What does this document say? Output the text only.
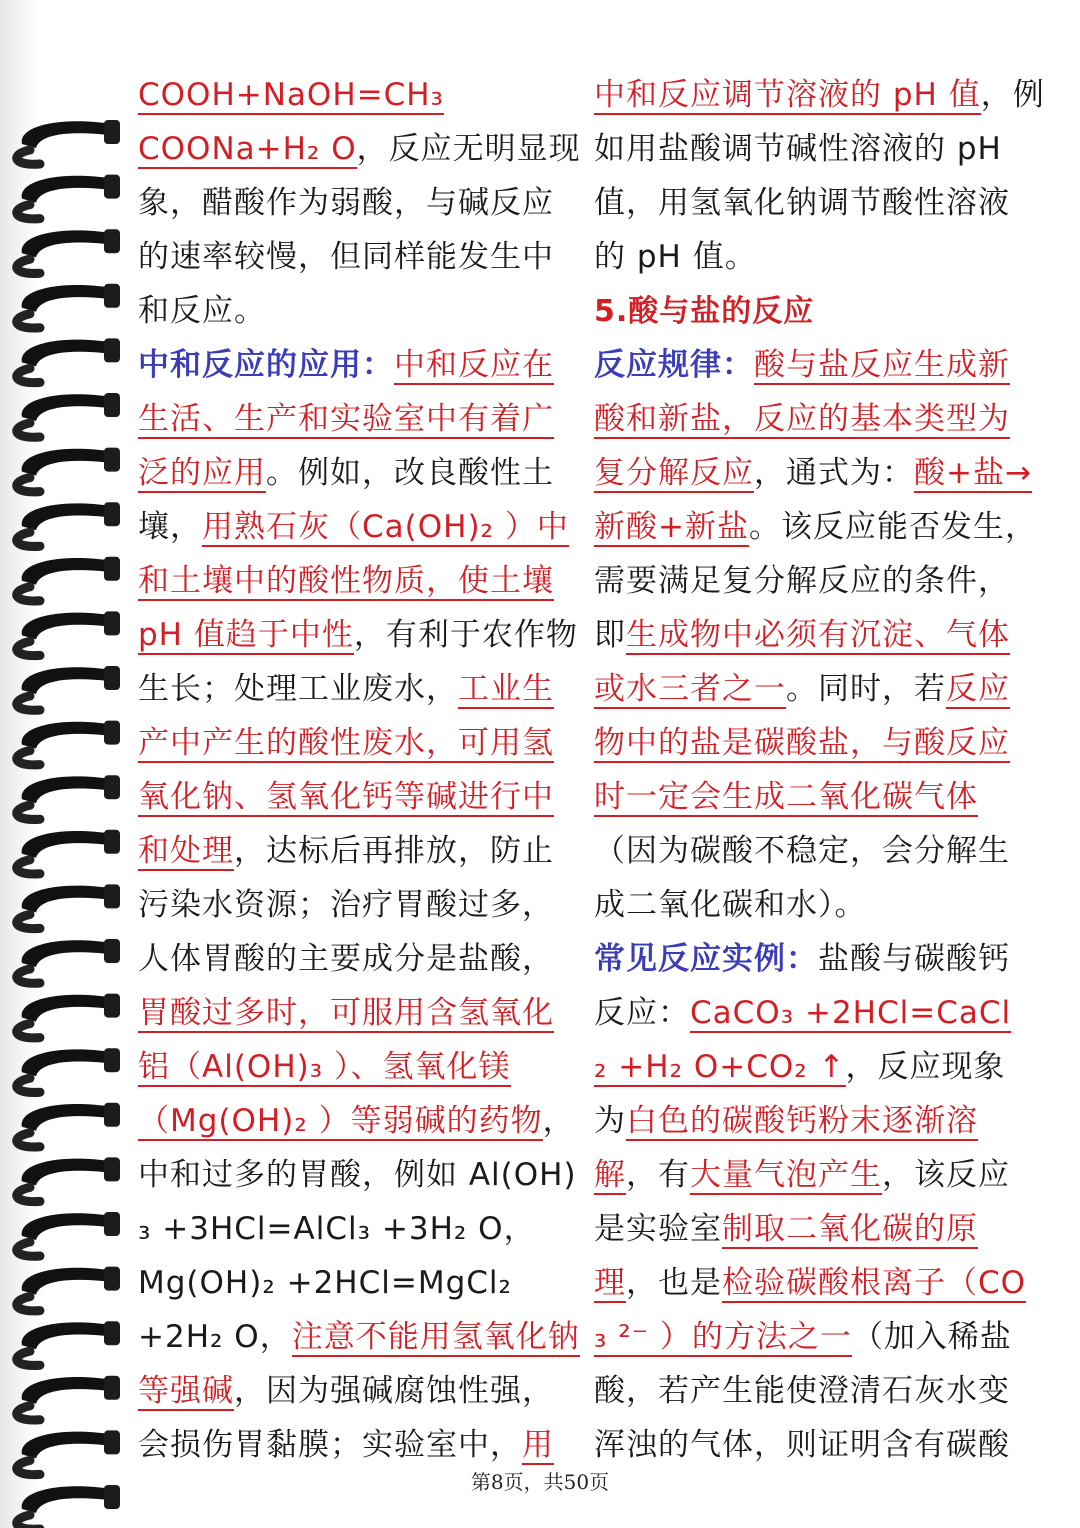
COOH+NaOH=CH₃
COONa+H₂ O，反应无明显现
象，醋酸作为弱酸，与碱反应
的速率较慢，但同样能发生中
和反应。
中和反应的应用：中和反应在
生活、生产和实验室中有着广
泛的应用。例如，改良酸性土
壤，用熟石灰（Ca(OH)₂ ）中
和土壤中的酸性物质，使土壤
pH 值趋于中性，有利于农作物
生长；处理工业废水，工业生
产中产生的酸性废水，可用氢
氧化钠、氢氧化钙等碱进行中
和处理，达标后再排放，防止
污染水资源；治疗胃酸过多，
人体胃酸的主要成分是盐酸，
胃酸过多时，可服用含氢氧化
铝（Al(OH)₃ ）、氢氧化镁
（Mg(OH)₂ ）等弱碱的药物，
中和过多的胃酸，例如 Al(OH)
₃ +3HCl=AlCl₃ +3H₂ O，
Mg(OH)₂ +2HCl=MgCl₂
+2H₂ O，注意不能用氢氧化钠
等强碱，因为强碱腐蚀性强，
会损伤胃黏膜；实验室中，用
中和反应调节溶液的 pH 值，例
如用盐酸调节碱性溶液的 pH
值，用氢氧化钠调节酸性溶液
的 pH 值。
5.酸与盐的反应
反应规律：酸与盐反应生成新
酸和新盐，反应的基本类型为
复分解反应，通式为：酸+盐→
新酸+新盐。该反应能否发生，
需要满足复分解反应的条件，
即生成物中必须有沉淀、气体
或水三者之一。同时，若反应
物中的盐是碳酸盐，与酸反应
时一定会生成二氧化碳气体
（因为碳酸不稳定，会分解生
成二氧化碳和水）。
常见反应实例：盐酸与碳酸钙
反应：CaCO₃ +2HCl=CaCl
₂ +H₂ O+CO₂ ↑，反应现象
为白色的碳酸钙粉末逐渐溶
解，有大量气泡产生，该反应
是实验室制取二氧化碳的原
理，也是检验碳酸根离子（CO
₃ ²⁻ ）的方法之一（加入稀盐
酸，若产生能使澄清石灰水变
浑浊的气体，则证明含有碳酸
第8页，共50页
